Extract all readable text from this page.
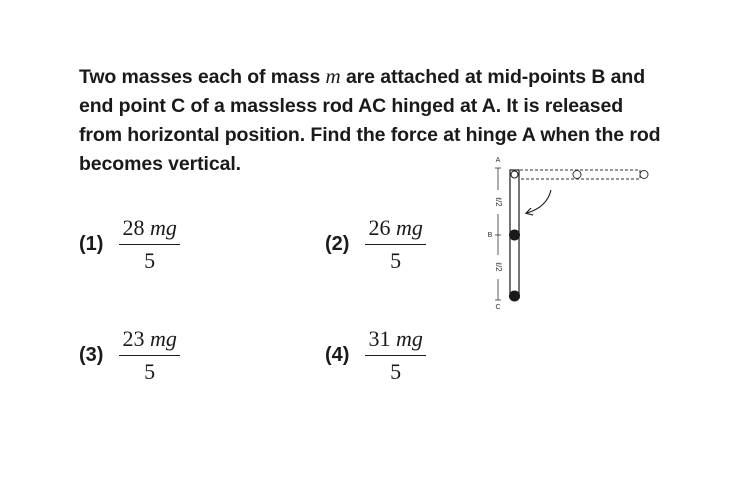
Two masses each of mass m are attached at mid-points B and end point C of a massless rod AC hinged at A. It is released from horizontal position. Find the force at hinge A when the rod becomes vertical.

$(1) \frac{28 mg}{5}$	$(2) \frac{26 mg}{5}$
$(3) \frac{23 mg}{5}$	$(4) \frac{31 mg}{5}$
ℓ/2
ℓ/2
A
B
C
